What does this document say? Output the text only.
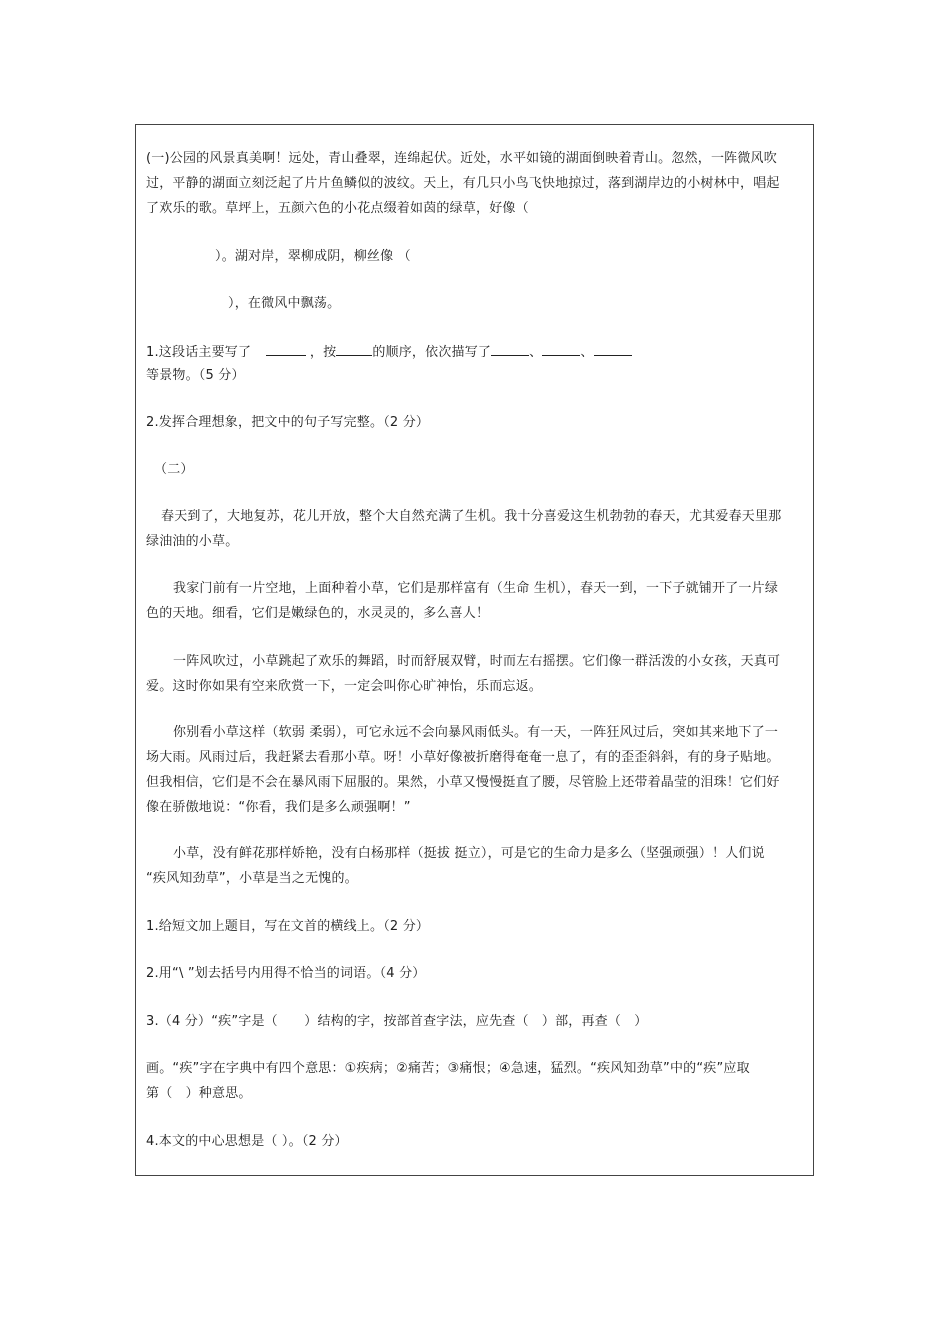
(一)公园的风景真美啊！远处，青山叠翠，连绵起伏。近处，水平如镜的湖面倒映着青山。忽然，一阵微风吹
过，平静的湖面立刻泛起了片片鱼鳞似的波纹。天上，有几只小鸟飞快地掠过，落到湖岸边的小树林中，唱起
了欢乐的歌。草坪上，五颜六色的小花点缀着如茵的绿草，好像（
）。湖对岸，翠柳成阴，柳丝像 （
），在微风中飘荡。
1.这段话主要写了	，按	的顺序，依次描写了	、	、
等景物。（5 分）
2.发挥合理想象，把文中的句子写完整。（2 分）
（二）
春天到了，大地复苏，花儿开放，整个大自然充满了生机。我十分喜爱这生机勃勃的春天，尤其爱春天里那
绿油油的小草。
我家门前有一片空地，上面种着小草，它们是那样富有（生命 生机），春天一到，一下子就铺开了一片绿
色的天地。细看，它们是嫩绿色的，水灵灵的，多么喜人！
一阵风吹过，小草跳起了欢乐的舞蹈，时而舒展双臂，时而左右摇摆。它们像一群活泼的小女孩，天真可
爱。这时你如果有空来欣赏一下，一定会叫你心旷神怡，乐而忘返。
你别看小草这样（软弱 柔弱），可它永远不会向暴风雨低头。有一天，一阵狂风过后，突如其来地下了一
场大雨。风雨过后，我赶紧去看那小草。呀！小草好像被折磨得奄奄一息了，有的歪歪斜斜，有的身子贴地。
但我相信，它们是不会在暴风雨下屈服的。果然，小草又慢慢挺直了腰，尽管脸上还带着晶莹的泪珠！它们好
像在骄傲地说：“你看，我们是多么顽强啊！”
小草，没有鲜花那样娇艳，没有白杨那样（挺拔 挺立），可是它的生命力是多么（坚强顽强）！人们说
“疾风知劲草”，小草是当之无愧的。
1.给短文加上题目，写在文首的横线上。（2 分）
2.用“\ ”划去括号内用得不恰当的词语。（4 分）
3.（4 分）“疾”字是（　　）结构的字，按部首查字法，应先查（　）部，再查（　）
画。“疾”字在字典中有四个意思：①疾病；②痛苦；③痛恨；④急速，猛烈。“疾风知劲草”中的“疾”应取
第（　）种意思。
4.本文的中心思想是（ ）。（2 分）
